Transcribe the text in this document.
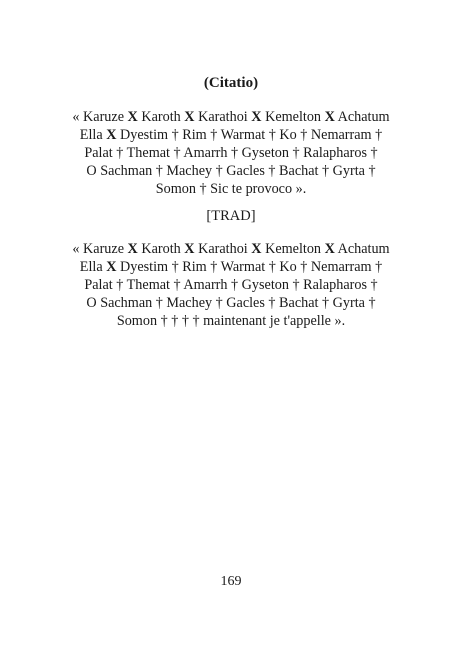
(Citatio)
« Karuze X Karoth X Karathoi X Kemelton X Achatum
Ella X Dyestim † Rim † Warmat † Ko † Nemarram †
Palat † Themat † Amarrh † Gyseton † Ralapharos †
O Sachman † Machey † Gacles † Bachat † Gyrta †
Somon † Sic te provoco ».
[TRAD]
« Karuze X Karoth X Karathoi X Kemelton X Achatum
Ella X Dyestim † Rim † Warmat † Ko † Nemarram †
Palat † Themat † Amarrh † Gyseton † Ralapharos †
O Sachman † Machey † Gacles † Bachat † Gyrta †
Somon † † † † maintenant je t'appelle ».
169
